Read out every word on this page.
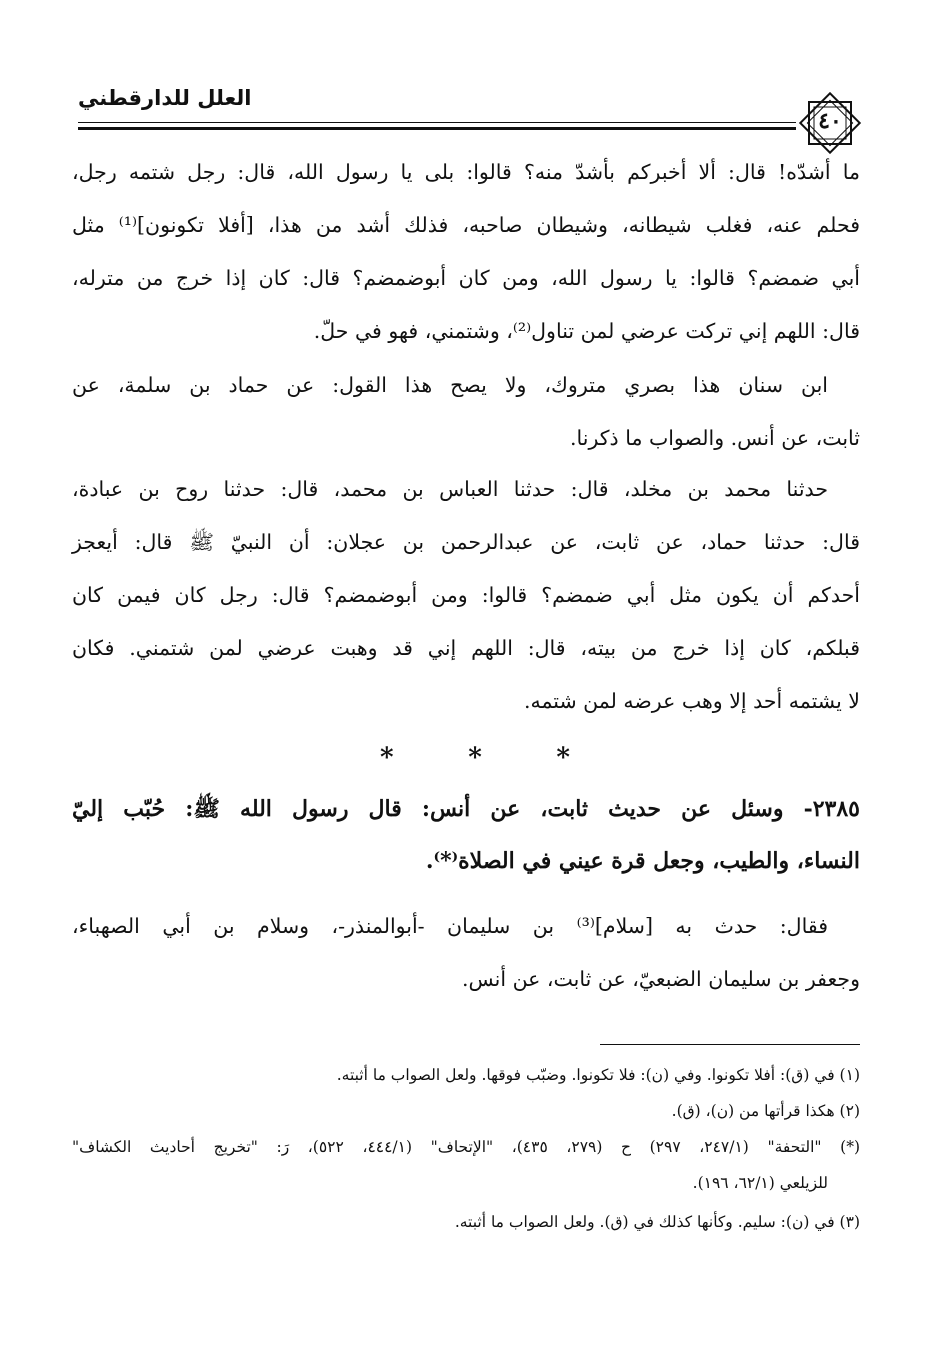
العلل للدارقطني
٤٠
ما أشدّه! قال: ألا أخبركم بأشدّ منه؟ قالوا: بلى يا رسول الله، قال: رجل شتمه رجل،
فحلم عنه، فغلب شيطانه، وشيطان صاحبه، فذلك أشد من هذا، [أفلا تكونون]⁽¹⁾ مثل
أبي ضمضم؟ قالوا: يا رسول الله، ومن كان أبوضمضم؟ قال: كان إذا خرج من مترله،
قال: اللهم إني تركت عرضي لمن تناول⁽²⁾، وشتمني، فهو في حلّ.
ابن سنان هذا بصري متروك، ولا يصح هذا القول: عن حماد بن سلمة، عن
ثابت، عن أنس. والصواب ما ذكرنا.
حدثنا محمد بن مخلد، قال: حدثنا العباس بن محمد، قال: حدثنا روح بن عبادة،
قال: حدثنا حماد، عن ثابت، عن عبدالرحمن بن عجلان: أن النبيّ ﷺ قال: أيعجز
أحدكم أن يكون مثل أبي ضمضم؟ قالوا: ومن أبوضمضم؟ قال: رجل كان فيمن كان
قبلكم، كان إذا خرج من بيته، قال: اللهم إني قد وهبت عرضي لمن شتمني. فكان
لا يشتمه أحد إلا وهب عرضه لمن شتمه.
*
*
*
٢٣٨٥- وسئل عن حديث ثابت، عن أنس: قال رسول الله ﷺ: حُبّب إليّ
النساء، والطيب، وجعل قرة عيني في الصلاة⁽*⁾.
فقال: حدث به [سلام]⁽³⁾ بن سليمان -أبوالمنذر-، وسلام بن أبي الصهباء،
وجعفر بن سليمان الضبعيّ، عن ثابت، عن أنس.
(١) في (ق): أفلا تكونوا. وفي (ن): فلا تكونوا. وضبّب فوقها. ولعل الصواب ما أثبته.
(٢) هكذا قرأتها من (ن)، (ق).
(*) "التحفة" (٢٤٧/١، ٢٩٧) ح (٢٧٩، ٤٣٥)، "الإتحاف" (٤٤٤/١، ٥٢٢)، رَ: "تخريج أحاديث الكشاف"
للزيلعي (٦٢/١، ١٩٦).
(٣) في (ن): سليم. وكأنها كذلك في (ق). ولعل الصواب ما أثبته.
